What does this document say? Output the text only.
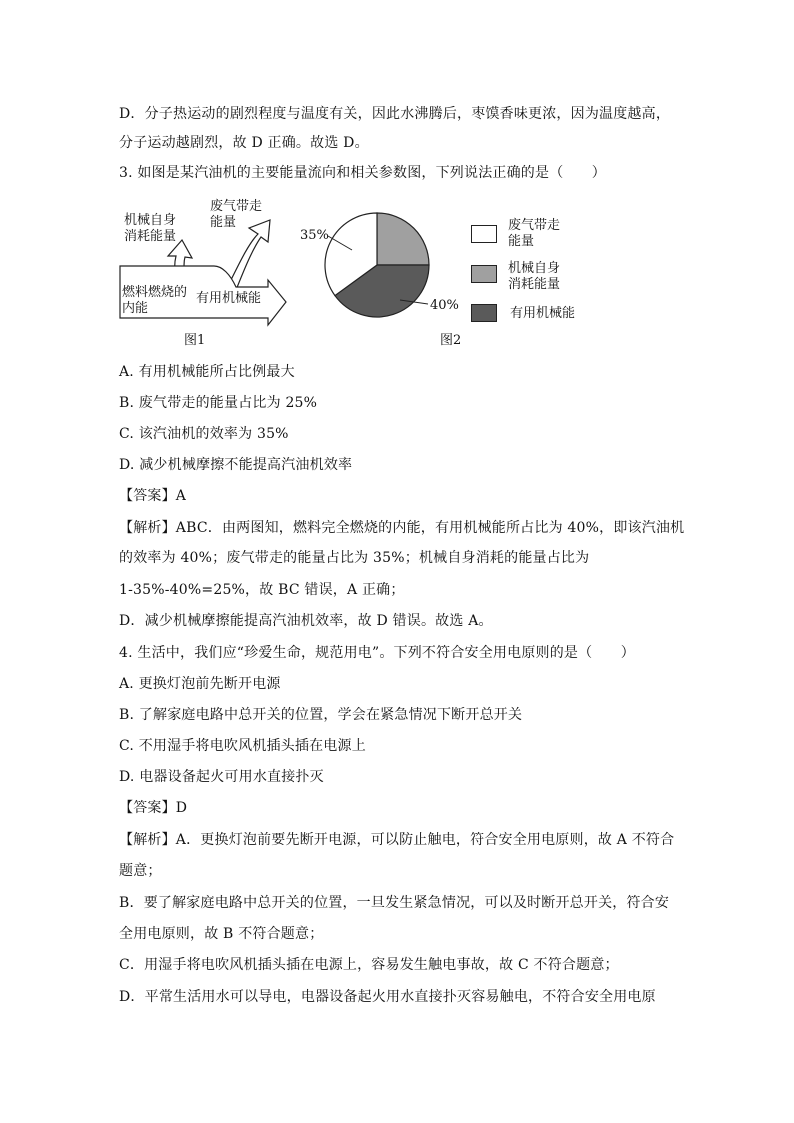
D．分子热运动的剧烈程度与温度有关，因此水沸腾后，枣馍香味更浓，因为温度越高，
分子运动越剧烈，故 D 正确。故选 D。
3. 如图是某汽油机的主要能量流向和相关参数图，下列说法正确的是（　　）
机械自身
消耗能量
废气带走
能量
燃料燃烧的
内能
有用机械能
图1
35%
40%
图2
废气带走
能量
机械自身
消耗能量
有用机械能
A. 有用机械能所占比例最大
B. 废气带走的能量占比为 25%
C. 该汽油机的效率为 35%
D. 减少机械摩擦不能提高汽油机效率
【答案】A
【解析】ABC．由两图知，燃料完全燃烧的内能，有用机械能所占比为 40%，即该汽油机
的效率为 40%；废气带走的能量占比为 35%；机械自身消耗的能量占比为
1-35%-40%=25%，故 BC 错误，A 正确；
D．减少机械摩擦能提高汽油机效率，故 D 错误。故选 A。
4. 生活中，我们应“珍爱生命，规范用电”。下列不符合安全用电原则的是（　　）
A. 更换灯泡前先断开电源
B. 了解家庭电路中总开关的位置，学会在紧急情况下断开总开关
C. 不用湿手将电吹风机插头插在电源上
D. 电器设备起火可用水直接扑灭
【答案】D
【解析】A．更换灯泡前要先断开电源，可以防止触电，符合安全用电原则，故 A 不符合
题意；
B．要了解家庭电路中总开关的位置，一旦发生紧急情况，可以及时断开总开关，符合安
全用电原则，故 B 不符合题意；
C．用湿手将电吹风机插头插在电源上，容易发生触电事故，故 C 不符合题意；
D．平常生活用水可以导电，电器设备起火用水直接扑灭容易触电，不符合安全用电原
